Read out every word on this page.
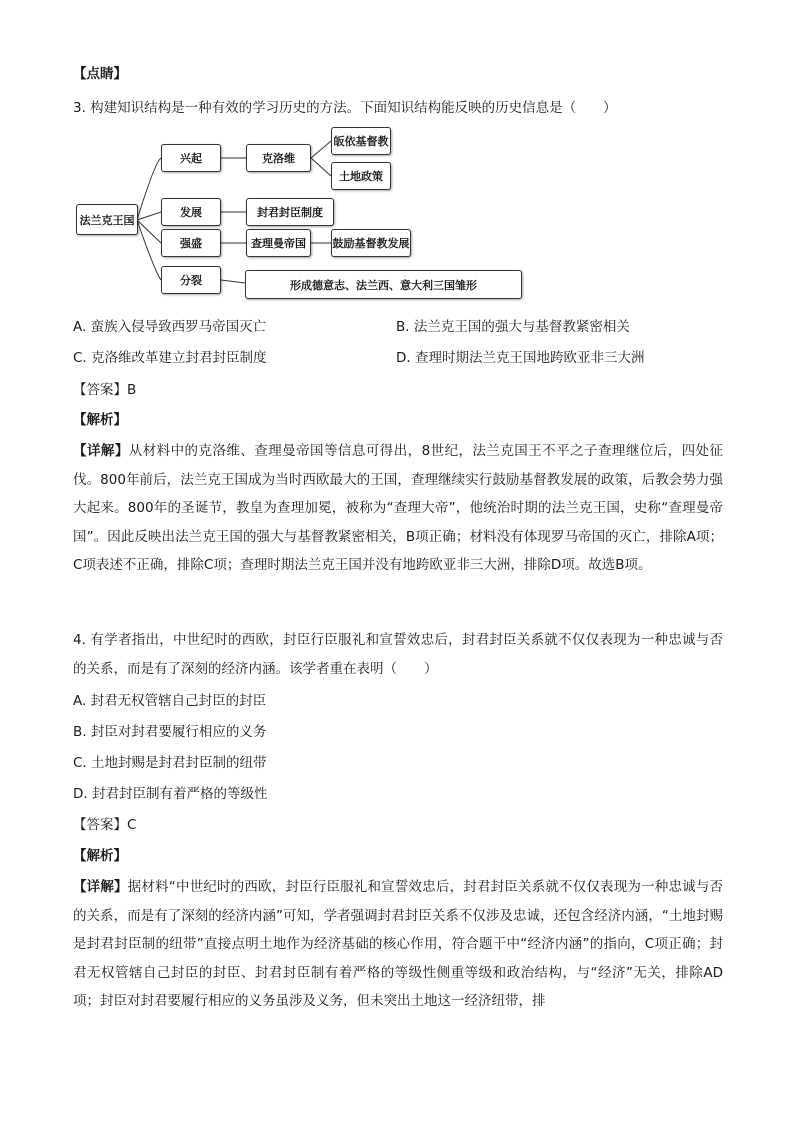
【点睛】
3. 构建知识结构是一种有效的学习历史的方法。下面知识结构能反映的历史信息是（　　）
法兰克王国
兴起	克洛维
皈依基督教
土地政策
发展	封君封臣制度
强盛	查理曼帝国	鼓励基督教发展
分裂	形成德意志、法兰西、意大利三国雏形
A. 蛮族入侵导致西罗马帝国灭亡	B. 法兰克王国的强大与基督教紧密相关
C. 克洛维改革建立封君封臣制度	D. 查理时期法兰克王国地跨欧亚非三大洲
【答案】B
【解析】
【详解】从材料中的克洛维、查理曼帝国等信息可得出，8世纪，法兰克国王不平之子查理继位后，四处征伐。800年前后，法兰克王国成为当时西欧最大的王国，查理继续实行鼓励基督教发展的政策，后教会势力强大起来。800年的圣诞节，教皇为查理加冕，被称为“查理大帝”，他统治时期的法兰克王国，史称“查理曼帝国”。因此反映出法兰克王国的强大与基督教紧密相关，B项正确；材料没有体现罗马帝国的灭亡，排除A项；C项表述不正确，排除C项；查理时期法兰克王国并没有地跨欧亚非三大洲，排除D项。故选B项。
4. 有学者指出，中世纪时的西欧，封臣行臣服礼和宣誓效忠后，封君封臣关系就不仅仅表现为一种忠诚与否的关系，而是有了深刻的经济内涵。该学者重在表明（　　）
A. 封君无权管辖自己封臣的封臣
B. 封臣对封君要履行相应的义务
C. 土地封赐是封君封臣制的纽带
D. 封君封臣制有着严格的等级性
【答案】C
【解析】
【详解】据材料“中世纪时的西欧，封臣行臣服礼和宣誓效忠后，封君封臣关系就不仅仅表现为一种忠诚与否的关系，而是有了深刻的经济内涵”可知，学者强调封君封臣关系不仅涉及忠诚，还包含经济内涵，“土地封赐是封君封臣制的纽带”直接点明土地作为经济基础的核心作用，符合题干中“经济内涵”的指向，C项正确；封君无权管辖自己封臣的封臣、封君封臣制有着严格的等级性侧重等级和政治结构，与“经济”无关，排除AD项；封臣对封君要履行相应的义务虽涉及义务，但未突出土地这一经济纽带，排
